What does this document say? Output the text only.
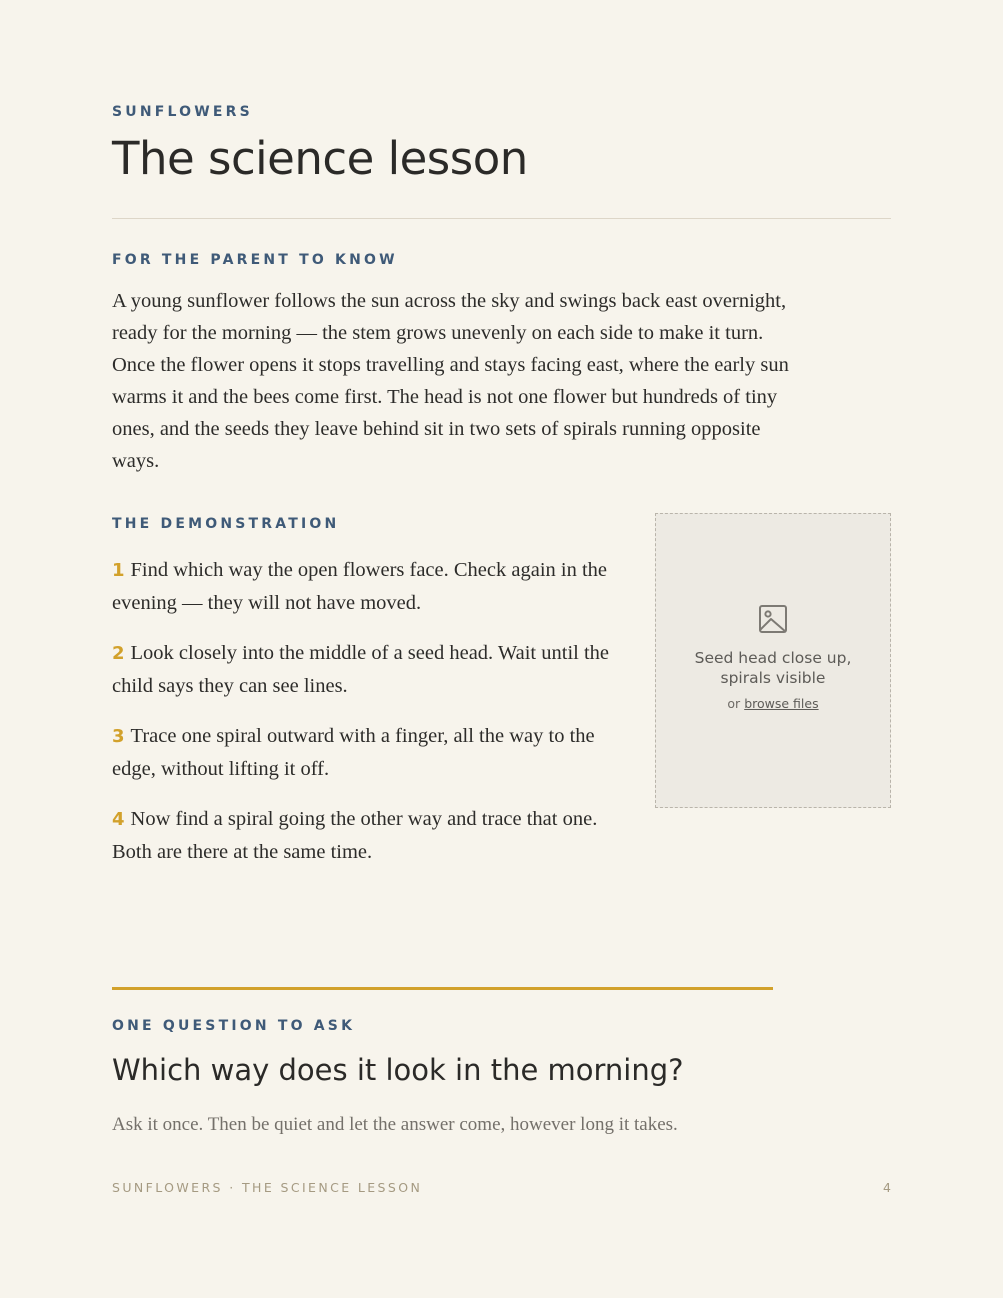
SUNFLOWERS
The science lesson
FOR THE PARENT TO KNOW

A young sunflower follows the sun across the sky and swings back east overnight, ready for the morning — the stem grows unevenly on each side to make it turn. Once the flower opens it stops travelling and stays facing east, where the early sun warms it and the bees come first. The head is not one flower but hundreds of tiny ones, and the seeds they leave behind sit in two sets of spirals running opposite ways.

THE DEMONSTRATION

1 Find which way the open flowers face. Check again in the evening — they will not have moved.

2 Look closely into the middle of a seed head. Wait until the child says they can see lines.

3 Trace one spiral outward with a finger, all the way to the edge, without lifting it off.

4 Now find a spiral going the other way and trace that one. Both are there at the same time.

Seed head close up, spirals visible
or browse files
ONE QUESTION TO ASK
Which way does it look in the morning?

Ask it once. Then be quiet and let the answer come, however long it takes.

SUNFLOWERS · THE SCIENCE LESSON	4
